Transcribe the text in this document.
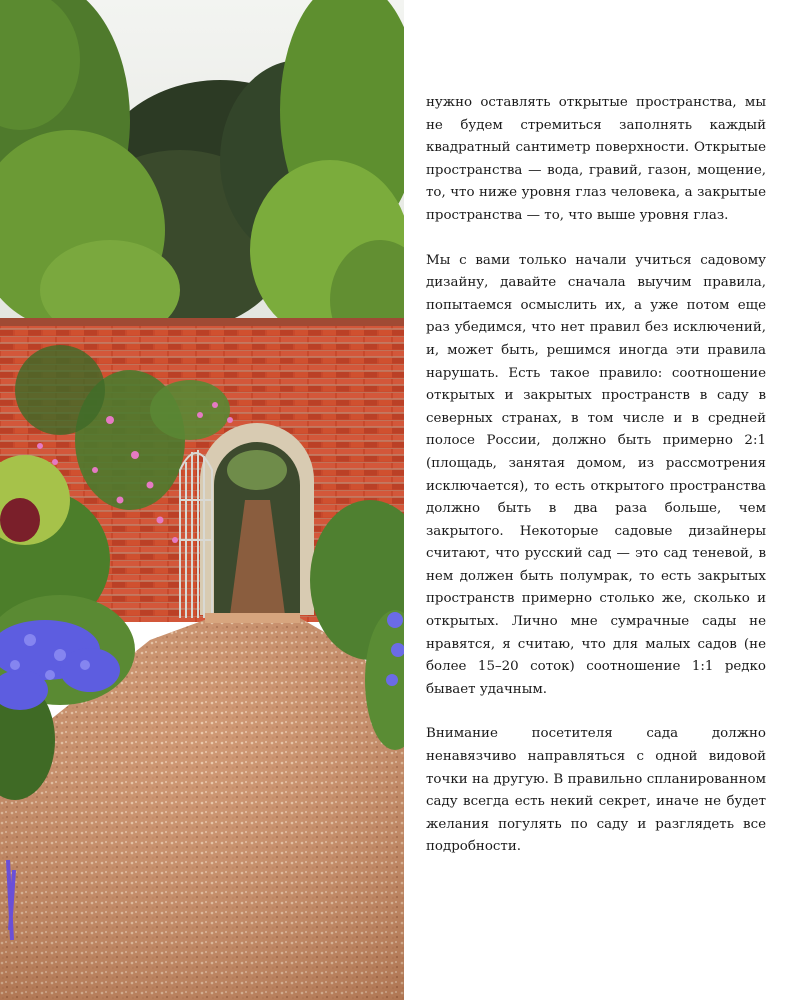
нужно оставлять открытые пространства, мы не будем стремиться заполнять каждый квадратный сантиметр поверхности. Открытые пространства — вода, гравий, газон, мощение, то, что ниже уровня глаз человека, а закрытые пространства — то, что выше уровня глаз.

Мы с вами только начали учиться садовому дизайну, давайте сначала выучим правила, попытаемся осмыслить их, а уже потом еще раз убедимся, что нет правил без исключений, и, может быть, решимся иногда эти правила нарушать. Есть такое правило: соотношение открытых и закрытых пространств в саду в северных странах, в том числе и в средней полосе России, должно быть примерно 2:1 (площадь, занятая домом, из рассмотрения исключается), то есть открытого пространства должно быть в два раза больше, чем закрытого. Некоторые садовые дизайнеры считают, что русский сад — это сад теневой, в нем должен быть полумрак, то есть закрытых пространств примерно столько же, сколько и открытых. Лично мне сумрачные сады не нравятся, я считаю, что для малых садов (не более 15–20 соток) соотношение 1:1 редко бывает удачным.

Внимание посетителя сада должно ненавязчиво направляться с одной видовой точки на другую. В правильно спланированном саду всегда есть некий секрет, иначе не будет желания погулять по саду и разглядеть все подробности.
